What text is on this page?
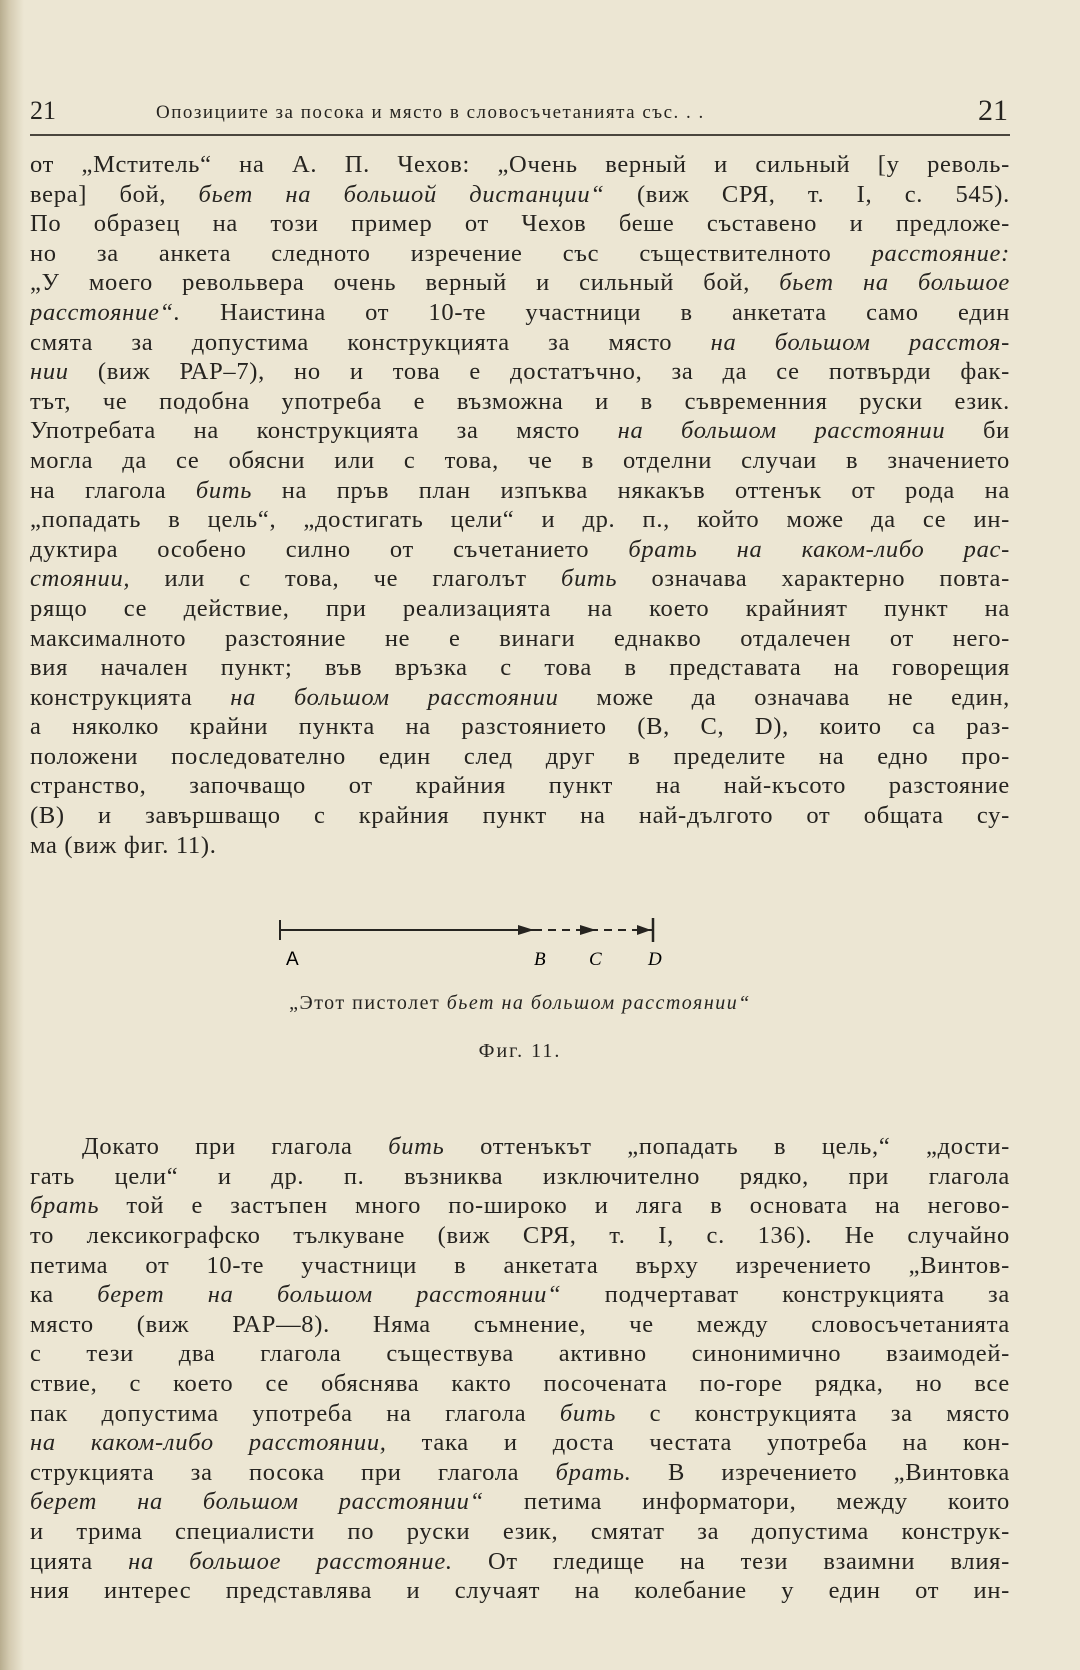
21	Опозициите за посока и място в словосъчетанията със. . .	21
от „Мститель“ на А. П. Чехов: „Очень верный и сильный [у револь-
вера] бой, бьет на большой дистанции“ (виж СРЯ, т. I, с. 545).
По образец на този пример от Чехов беше съставено и предложе-
но за анкета следното изречение със съществителното расстояние:
„У моего револьвера очень верный и сильный бой, бьет на большое
расстояние“. Наистина от 10-те участници в анкетата само един
смята за допустима конструкцията за място на большом расстоя-
нии (виж РАР–7), но и това е достатъчно, за да се потвърди фак-
тът, че подобна употреба е възможна и в съвременния руски език.
Употребата на конструкцията за място на большом расстоянии би
могла да се обясни или с това, че в отделни случаи в значението
на глагола бить на пръв план изпъква някакъв оттенък от рода на
„попадать в цель“, „достигать цели“ и др. п., който може да се ин-
дуктира особено силно от съчетанието брать на каком-либо рас-
стоянии, или с това, че глаголът бить означава характерно повта-
рящо се действие, при реализацията на което крайният пункт на
максималното разстояние не е винаги еднакво отдалечен от него-
вия начален пункт; във връзка с това в представата на говорещия
конструкцията на большом расстоянии може да означава не един,
а няколко крайни пункта на разстоянието (B, C, D), които са раз-
положени последователно един след друг в пределите на едно про-
странство, започващо от крайния пункт на най-късото разстояние
(B) и завършващо с крайния пункт на най-дългото от общата су-
ма (виж фиг. 11).
A	B C D
„Этот пистолет бьет на большом расстоянии“
Фиг. 11.
Докато при глагола бить оттенъкът „попадать в цель,“ „дости-
гать цели“ и др. п. възниква изключително рядко, при глагола
брать той е застъпен много по-широко и ляга в основата на негово-
то лексикографско тълкуване (виж СРЯ, т. I, с. 136). Не случайно
петима от 10-те участници в анкетата върху изречението „Винтов-
ка берет на большом расстоянии“ подчертават конструкцията за
място (виж РАР—8). Няма съмнение, че между словосъчетанията
с тези два глагола съществува активно синонимично взаимодей-
ствие, с което се обяснява както посочената по-горе рядка, но все
пак допустима употреба на глагола бить с конструкцията за място
на каком-либо расстоянии, така и доста честата употреба на кон-
струкцията за посока при глагола брать. В изречението „Винтовка
берет на большом расстоянии“ петима информатори, между които
и трима специалисти по руски език, смятат за допустима конструк-
цията на большое расстояние. От гледище на тези взаимни влия-
ния интерес представлява и случаят на колебание у един от ин-
